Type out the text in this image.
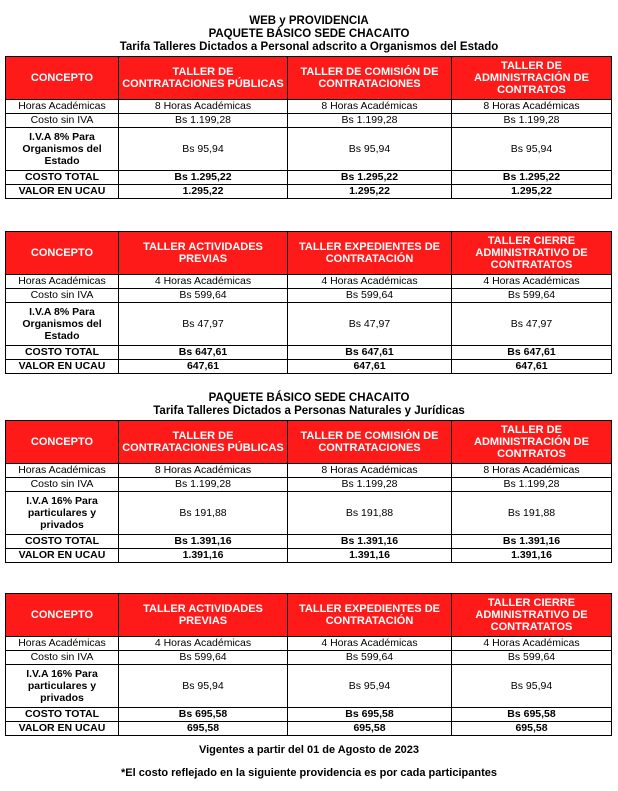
WEB y PROVIDENCIA

PAQUETE BÁSICO SEDE CHACAITO

Tarifa Talleres Dictados a Personal adscrito a Organismos del Estado

CONCEPTO	TALLER DE CONTRATACIONES PÚBLICAS	TALLER DE COMISIÓN DE CONTRATACIONES	TALLER DE ADMINISTRACIÓN DE CONTRATOS
Horas Académicas	8 Horas Académicas	8 Horas Académicas	8 Horas Académicas
Costo sin IVA	Bs 1.199,28	Bs 1.199,28	Bs 1.199,28
I.V.A 8% Para Organismos del Estado	Bs 95,94	Bs 95,94	Bs 95,94
COSTO TOTAL	Bs 1.295,22	Bs 1.295,22	Bs 1.295,22
VALOR EN UCAU	1.295,22	1.295,22	1.295,22
CONCEPTO	TALLER ACTIVIDADES PREVIAS	TALLER EXPEDIENTES DE CONTRATACIÓN	TALLER CIERRE ADMINISTRATIVO DE CONTRATATOS
Horas Académicas	4 Horas Académicas	4 Horas Académicas	4 Horas Académicas
Costo sin IVA	Bs 599,64	Bs 599,64	Bs 599,64
I.V.A 8% Para Organismos del Estado	Bs 47,97	Bs 47,97	Bs 47,97
COSTO TOTAL	Bs 647,61	Bs 647,61	Bs 647,61
VALOR EN UCAU	647,61	647,61	647,61

PAQUETE BÁSICO SEDE CHACAITO

Tarifa Talleres Dictados a Personas Naturales y Jurídicas

CONCEPTO	TALLER DE CONTRATACIONES PÚBLICAS	TALLER DE COMISIÓN DE CONTRATACIONES	TALLER DE ADMINISTRACIÓN DE CONTRATOS
Horas Académicas	8 Horas Académicas	8 Horas Académicas	8 Horas Académicas
Costo sin IVA	Bs 1.199,28	Bs 1.199,28	Bs 1.199,28
I.V.A 16% Para particulares y privados	Bs 191,88	Bs 191,88	Bs 191,88
COSTO TOTAL	Bs 1.391,16	Bs 1.391,16	Bs 1.391,16
VALOR EN UCAU	1.391,16	1.391,16	1.391,16
CONCEPTO	TALLER ACTIVIDADES PREVIAS	TALLER EXPEDIENTES DE CONTRATACIÓN	TALLER CIERRE ADMINISTRATIVO DE CONTRATATOS
Horas Académicas	4 Horas Académicas	4 Horas Académicas	4 Horas Académicas
Costo sin IVA	Bs 599,64	Bs 599,64	Bs 599,64
I.V.A 16% Para particulares y privados	Bs 95,94	Bs 95,94	Bs 95,94
COSTO TOTAL	Bs 695,58	Bs 695,58	Bs 695,58
VALOR EN UCAU	695,58	695,58	695,58

Vigentes a partir del 01 de Agosto de 2023

*El costo reflejado en la siguiente providencia es por cada participantes
